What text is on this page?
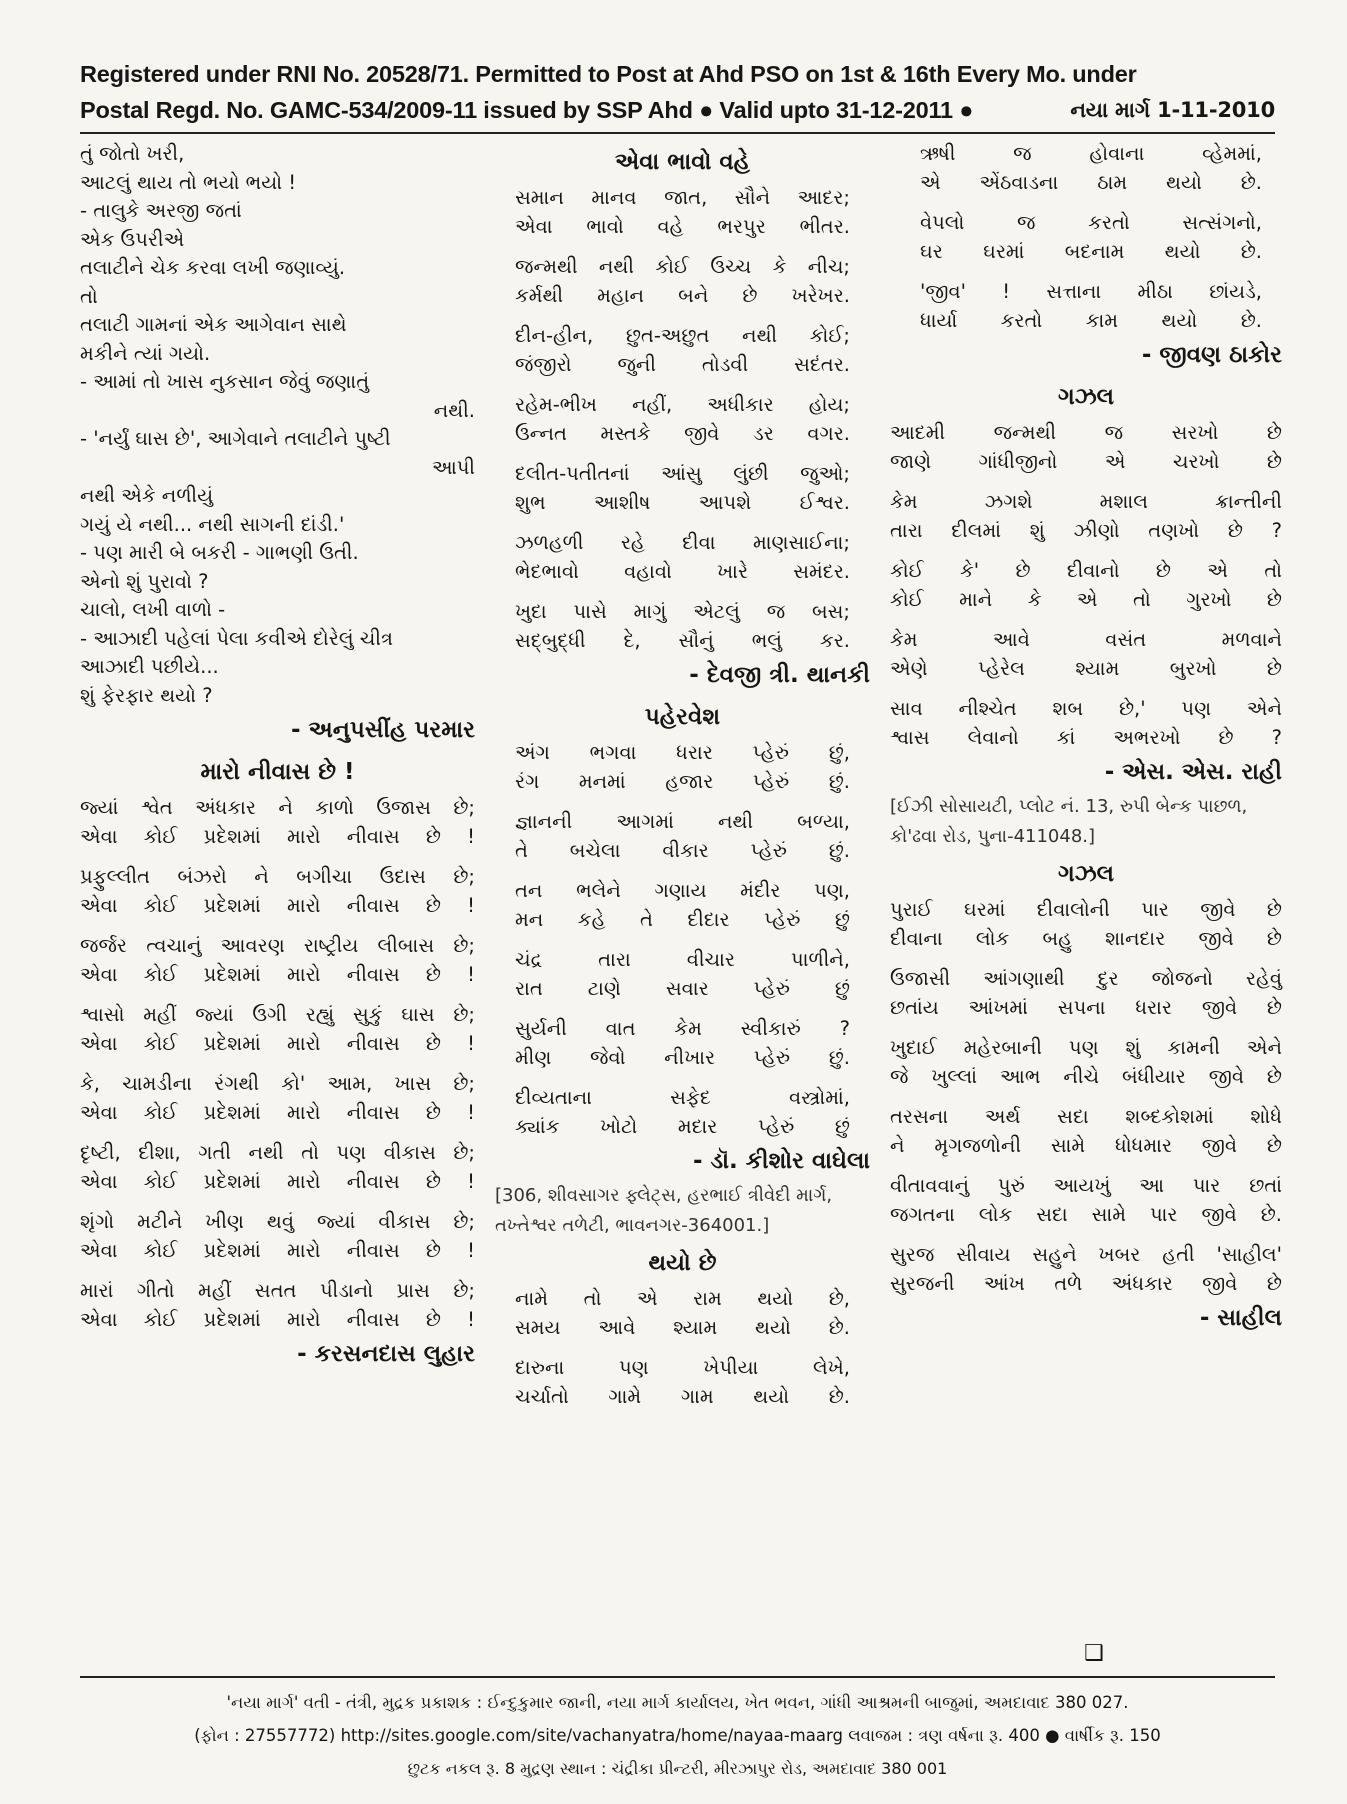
Registered under RNI No. 20528/71. Permitted to Post at Ahd PSO on 1st & 16th Every Mo. under
Postal Regd. No. GAMC-534/2009-11 issued by SSP Ahd ● Valid upto 31-12-2011 ●	નયા માર્ગ 1-11-2010
તું જોતો ખરી,
આટલું થાય તો ભયો ભયો !
- તાલુકે અરજી જતાં
એક ઉપરીએ
તલાટીને ચેક કરવા લખી જણાવ્યું.
તો
તલાટી ગામનાં એક આગેવાન સાથે
મકીને ત્યાં ગયો.
- આમાં તો ખાસ નુકસાન જેવું જણાતું
નથી.
- 'નર્યું ઘાસ છે', આગેવાને તલાટીને પુષ્ટી
આપી
નથી એકે નળીયું
ગયું યે નથી... નથી સાગની દાંડી.'
- પણ મારી બે બકરી - ગાભણી ઉતી.
એનો શું પુરાવો ?
ચાલો, લખી વાળો -
- આઝાદી પહેલાં પેલા કવીએ દોરેલું ચીત્ર
આઝાદી પછીયે...
શું ફેરફાર થયો ?
- અનુપસીંહ પરમાર
મારો નીવાસ છે !
જ્યાં શ્વેત અંધકાર ને કાળો ઉજાસ છે;
એવા કોઈ પ્રદેશમાં મારો નીવાસ છે !
પ્રફુલ્લીત બંઝરો ને બગીચા ઉદાસ છે;
એવા કોઈ પ્રદેશમાં મારો નીવાસ છે !
જર્જર ત્વચાનું આવરણ રાષ્ટ્રીય લીબાસ છે;
એવા કોઈ પ્રદેશમાં મારો નીવાસ છે !
શ્વાસો મહીં જ્યાં ઉગી રહ્યું સુકું ઘાસ છે;
એવા કોઈ પ્રદેશમાં મારો નીવાસ છે !
કે, ચામડીના રંગથી કો' આમ, ખાસ છે;
એવા કોઈ પ્રદેશમાં મારો નીવાસ છે !
દૃષ્ટી, દીશા, ગતી નથી તો પણ વીકાસ છે;
એવા કોઈ પ્રદેશમાં મારો નીવાસ છે !
શૃંગો મટીને ખીણ થવું જ્યાં વીકાસ છે;
એવા કોઈ પ્રદેશમાં મારો નીવાસ છે !
મારાં ગીતો મહીં સતત પીડાનો પ્રાસ છે;
એવા કોઈ પ્રદેશમાં મારો નીવાસ છે !
- કરસનદાસ લુહાર
એવા ભાવો વહે
સમાન માનવ જાત, સૌને આદર;
એવા ભાવો વહે ભરપુર ભીતર.
જન્મથી નથી કોઈ ઉચ્ચ કે નીચ;
કર્મથી મહાન બને છે ખરેખર.
દીન-હીન, છુત-અછુત નથી કોઈ;
જંજીરો જુની તોડવી સદંતર.
રહેમ-ભીખ નહીં, અધીકાર હોય;
ઉન્નત મસ્તકે જીવે ડર વગર.
દલીત-પતીતનાં આંસુ લુંછી જુઓ;
શુભ આશીષ આપશે ઈશ્વર.
ઝળહળી રહે દીવા માણસાઈના;
ભેદભાવો વહાવો ખારે સમંદર.
ખુદા પાસે માગું એટલું જ બસ;
સદ્બુદ્ધી દે, સૌનું ભલું કર.
- દેવજી ત્રી. થાનકી
પહેરવેશ
અંગ ભગવા ધરાર પ્હેરું છું,
રંગ મનમાં હજાર પ્હેરું છું.
જ્ઞાનની આગમાં નથી બળ્યા,
તે બચેલા વીકાર પ્હેરું છું.
તન ભલેને ગણાય મંદીર પણ,
મન કહે તે દીદાર પ્હેરું છું
ચંદ્ર તારા વીચાર પાળીને,
રાત ટાણે સવાર પ્હેરું છું
સુર્યની વાત કેમ સ્વીકારું ?
મીણ જેવો નીખાર પ્હેરું છું.
દીવ્યતાના સફેદ વસ્ત્રોમાં,
ક્યાંક ખોટો મદાર પ્હેરું છું
- ડૉ. કીશોર વાઘેલા
[306, શીવસાગર ફ્લેટ્સ, હરભાઈ ત્રીવેદી માર્ગ, તખ્તેશ્વર તળેટી, ભાવનગર-364001.]
થયો છે
નામે તો એ રામ થયો છે,
સમય આવે શ્યામ થયો છે.
દારુના પણ ખેપીયા લેખે,
ચર્ચાતો ગામે ગામ થયો છે.
ઋષી જ હોવાના વ્હેમમાં,
એ એંઠવાડના ઠામ થયો છે.
વેપલો જ કરતો સત્સંગનો,
ઘર ઘરમાં બદનામ થયો છે.
'જીવ' ! સત્તાના મીઠા છાંયડે,
ધાર્યા કરતો કામ થયો છે.
- જીવણ ઠાકોર
ગઝલ
આદમી જન્મથી જ સરખો છે
જાણે ગાંધીજીનો એ ચરખો છે
કેમ ઝગશે મશાલ ક્રાન્તીની
તારા દીલમાં શું ઝીણો તણખો છે ?
કોઈ કે' છે દીવાનો છે એ તો
કોઈ માને કે એ તો ગુરખો છે
કેમ આવે વસંત મળવાને
એણે પ્હેરેલ શ્યામ બુરખો છે
સાવ નીશ્ચેત શબ છે,' પણ એને
શ્વાસ લેવાનો કાં અભરખો છે ?
- એસ. એસ. રાહી
[ઈઝી સોસાયટી, પ્લોટ નં. 13, રુપી બેન્ક પાછળ, કો'ઢવા રોડ, પુના-411048.]
ગઝલ
પુરાઈ ઘરમાં દીવાલોની પાર જીવે છે
દીવાના લોક બહુ શાનદાર જીવે છે
ઉજાસી આંગણાથી દુર જોજનો રહેવું
છતાંય આંખમાં સપના ધરાર જીવે છે
ખુદાઈ મહેરબાની પણ શું કામની એને
જે ખુલ્લાં આભ નીચે બંધીયાર જીવે છે
તરસના અર્થ સદા શબ્દકોશમાં શોધે
ને મૃગજળોની સામે ધોધમાર જીવે છે
વીતાવવાનું પુરું આયખું આ પાર છતાં
જગતના લોક સદા સામે પાર જીવે છે.
સુરજ સીવાય સહુને ખબર હતી 'સાહીલ'
સુરજની આંખ તળે અંધકાર જીવે છે
- સાહીલ
❑
'નયા માર્ગ' વતી - તંત્રી, મુદ્રક પ્રકાશક : ઈન્દુકુમાર જાની, નયા માર્ગ કાર્યાલય, ખેત ભવન, ગાંધી આશ્રમની બાજુમાં, અમદાવાદ 380 027.
(ફોન : 27557772) http://sites.google.com/site/vachanyatra/home/nayaa-maarg લવાજમ : ત્રણ વર્ષના રૂ. 400 ● વાર્ષીક રૂ. 150
છુટક નકલ રૂ. 8 મુદ્રણ સ્થાન : ચંદ્રીકા પ્રીન્ટરી, મીરઝાપુર રોડ, અમદાવાદ 380 001
